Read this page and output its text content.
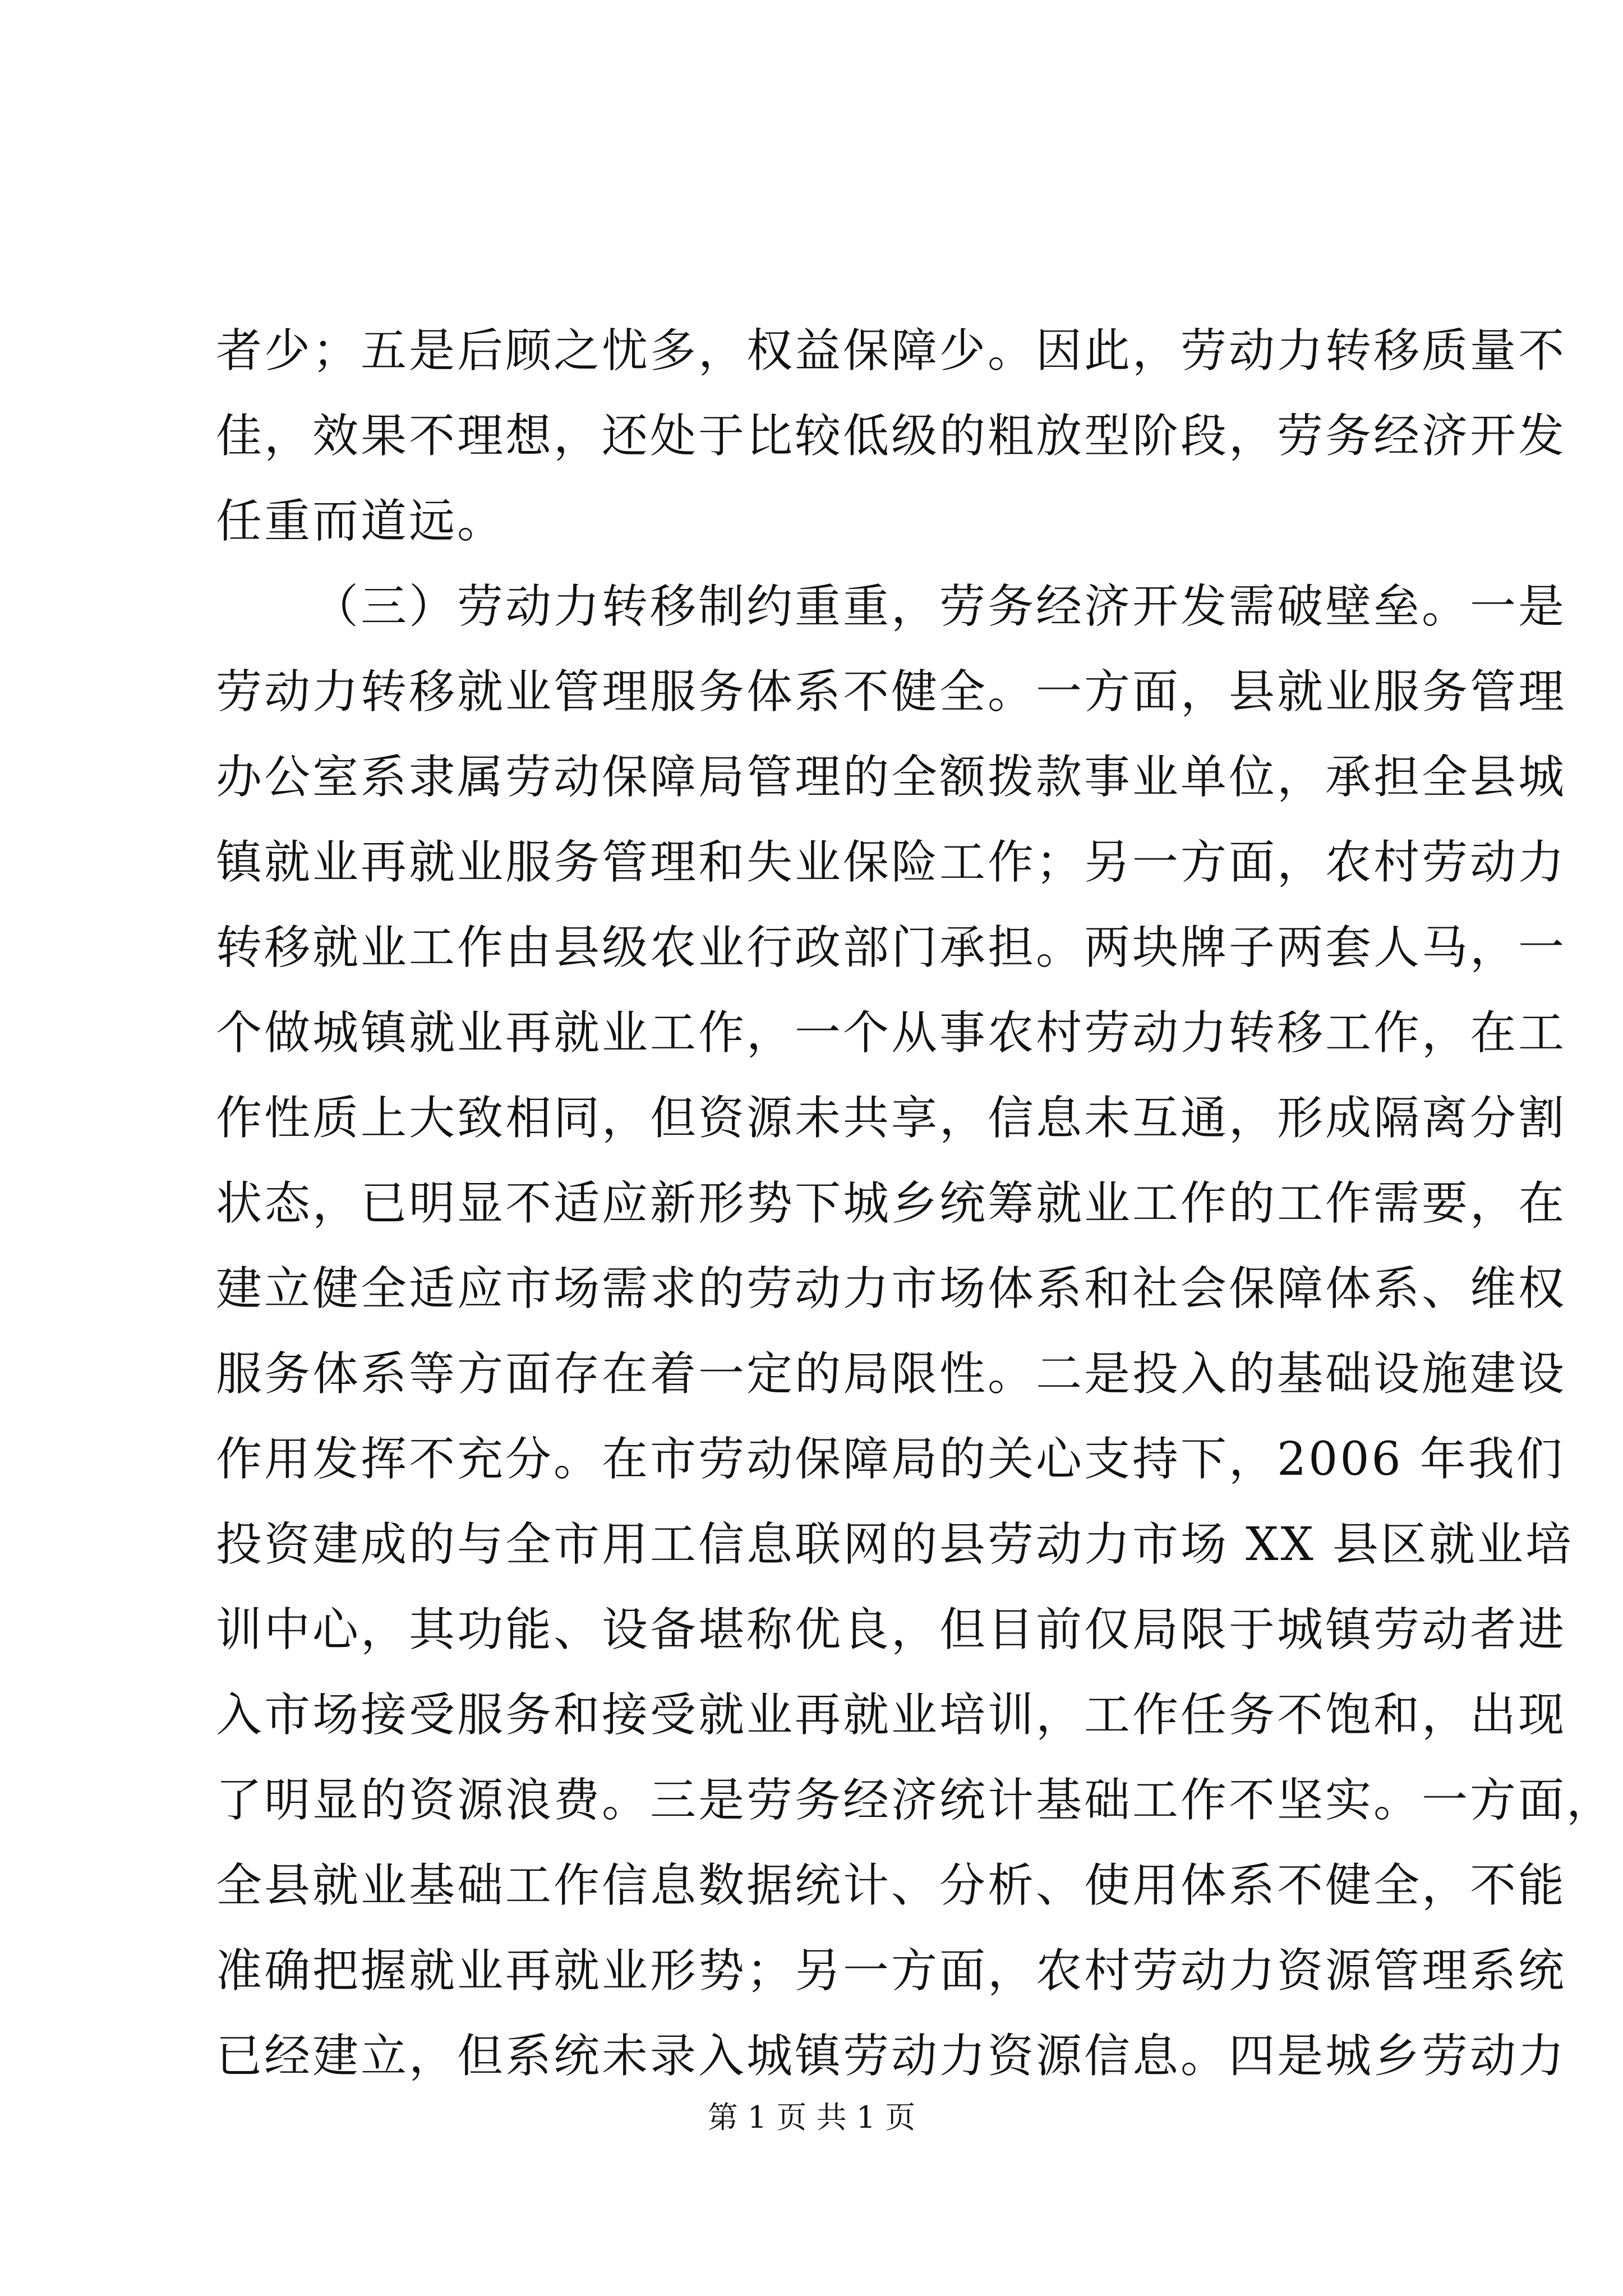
者少；五是后顾之忧多，权益保障少。因此，劳动力转移质量不
佳，效果不理想，还处于比较低级的粗放型阶段，劳务经济开发
任重而道远。
（三）劳动力转移制约重重，劳务经济开发需破壁垒。一是
劳动力转移就业管理服务体系不健全。一方面，县就业服务管理
办公室系隶属劳动保障局管理的全额拨款事业单位，承担全县城
镇就业再就业服务管理和失业保险工作；另一方面，农村劳动力
转移就业工作由县级农业行政部门承担。两块牌子两套人马，一
个做城镇就业再就业工作，一个从事农村劳动力转移工作，在工
作性质上大致相同，但资源未共享，信息未互通，形成隔离分割
状态，已明显不适应新形势下城乡统筹就业工作的工作需要，在
建立健全适应市场需求的劳动力市场体系和社会保障体系、维权
服务体系等方面存在着一定的局限性。二是投入的基础设施建设
作用发挥不充分。在市劳动保障局的关心支持下，2006 年我们
投资建成的与全市用工信息联网的县劳动力市场 XX 县区就业培
训中心，其功能、设备堪称优良，但目前仅局限于城镇劳动者进
入市场接受服务和接受就业再就业培训，工作任务不饱和，出现
了明显的资源浪费。三是劳务经济统计基础工作不坚实。一方面，
全县就业基础工作信息数据统计、分析、使用体系不健全，不能
准确把握就业再就业形势；另一方面，农村劳动力资源管理系统
已经建立，但系统未录入城镇劳动力资源信息。四是城乡劳动力
第 1 页 共 1 页
